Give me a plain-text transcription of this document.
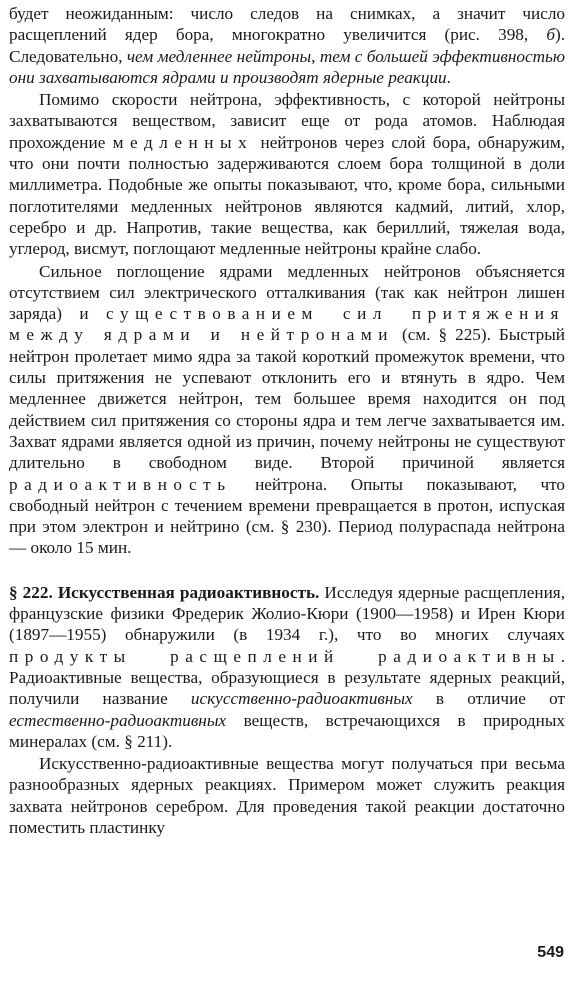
будет неожиданным: число следов на снимках, а значит число расщеплений ядер бора, многократно увеличится (рис. 398, б). Следовательно, чем медленнее нейтроны, тем с большей эффективностью они захватываются ядрами и производят ядерные реакции.

Помимо скорости нейтрона, эффективность, с которой нейтроны захватываются веществом, зависит еще от рода атомов. Наблюдая прохождение медленных нейтронов через слой бора, обнаружим, что они почти полностью задерживаются слоем бора толщиной в доли миллиметра. Подобные же опыты показывают, что, кроме бора, сильными поглотителями медленных нейтронов являются кадмий, литий, хлор, серебро и др. Напротив, такие вещества, как бериллий, тяжелая вода, углерод, висмут, поглощают медленные нейтроны крайне слабо.

Сильное поглощение ядрами медленных нейтронов объясняется отсутствием сил электрического отталкивания (так как нейтрон лишен заряда) и существованием сил притяжения между ядрами и нейтронами (см. § 225). Быстрый нейтрон пролетает мимо ядра за такой короткий промежуток времени, что силы притяжения не успевают отклонить его и втянуть в ядро. Чем медленнее движется нейтрон, тем большее время находится он под действием сил притяжения со стороны ядра и тем легче захватывается им. Захват ядрами является одной из причин, почему нейтроны не существуют длительно в свободном виде. Второй причиной является радиоактивность нейтрона. Опыты показывают, что свободный нейтрон с течением времени превращается в протон, испуская при этом электрон и нейтрино (см. § 230). Период полураспада нейтрона — около 15 мин.

§ 222. Искусственная радиоактивность. Исследуя ядерные расщепления, французские физики Фредерик Жолио-Кюри (1900—1958) и Ирен Кюри (1897—1955) обнаружили (в 1934 г.), что во многих случаях продукты расщеплений радиоактивны. Радиоактивные вещества, образующиеся в результате ядерных реакций, получили название искусственно-радиоактивных в отличие от естественно-радиоактивных веществ, встречающихся в природных минералах (см. § 211).

Искусственно-радиоактивные вещества могут получаться при весьма разнообразных ядерных реакциях. Примером может служить реакция захвата нейтронов серебром. Для проведения такой реакции достаточно поместить пластинку

549
